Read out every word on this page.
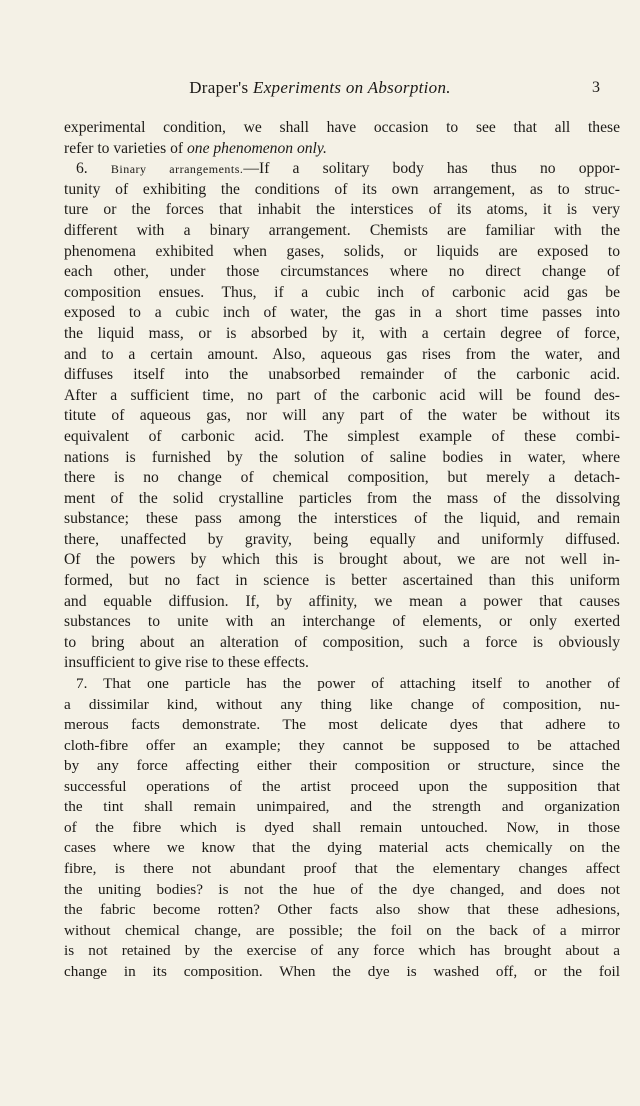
Draper's Experiments on Absorption.	3
experimental condition, we shall have occasion to see that all these
refer to varieties of one phenomenon only.
6. Binary arrangements.—If a solitary body has thus no oppor-
tunity of exhibiting the conditions of its own arrangement, as to struc-
ture or the forces that inhabit the interstices of its atoms, it is very
different with a binary arrangement. Chemists are familiar with the
phenomena exhibited when gases, solids, or liquids are exposed to
each other, under those circumstances where no direct change of
composition ensues. Thus, if a cubic inch of carbonic acid gas be
exposed to a cubic inch of water, the gas in a short time passes into
the liquid mass, or is absorbed by it, with a certain degree of force,
and to a certain amount. Also, aqueous gas rises from the water, and
diffuses itself into the unabsorbed remainder of the carbonic acid.
After a sufficient time, no part of the carbonic acid will be found des-
titute of aqueous gas, nor will any part of the water be without its
equivalent of carbonic acid. The simplest example of these combi-
nations is furnished by the solution of saline bodies in water, where
there is no change of chemical composition, but merely a detach-
ment of the solid crystalline particles from the mass of the dissolving
substance; these pass among the interstices of the liquid, and remain
there, unaffected by gravity, being equally and uniformly diffused.
Of the powers by which this is brought about, we are not well in-
formed, but no fact in science is better ascertained than this uniform
and equable diffusion. If, by affinity, we mean a power that causes
substances to unite with an interchange of elements, or only exerted
to bring about an alteration of composition, such a force is obviously
insufficient to give rise to these effects.
7. That one particle has the power of attaching itself to another of
a dissimilar kind, without any thing like change of composition, nu-
merous facts demonstrate. The most delicate dyes that adhere to
cloth-fibre offer an example; they cannot be supposed to be attached
by any force affecting either their composition or structure, since the
successful operations of the artist proceed upon the supposition that
the tint shall remain unimpaired, and the strength and organization
of the fibre which is dyed shall remain untouched. Now, in those
cases where we know that the dying material acts chemically on the
fibre, is there not abundant proof that the elementary changes affect
the uniting bodies? is not the hue of the dye changed, and does not
the fabric become rotten? Other facts also show that these adhesions,
without chemical change, are possible; the foil on the back of a mirror
is not retained by the exercise of any force which has brought about a
change in its composition. When the dye is washed off, or the foil
